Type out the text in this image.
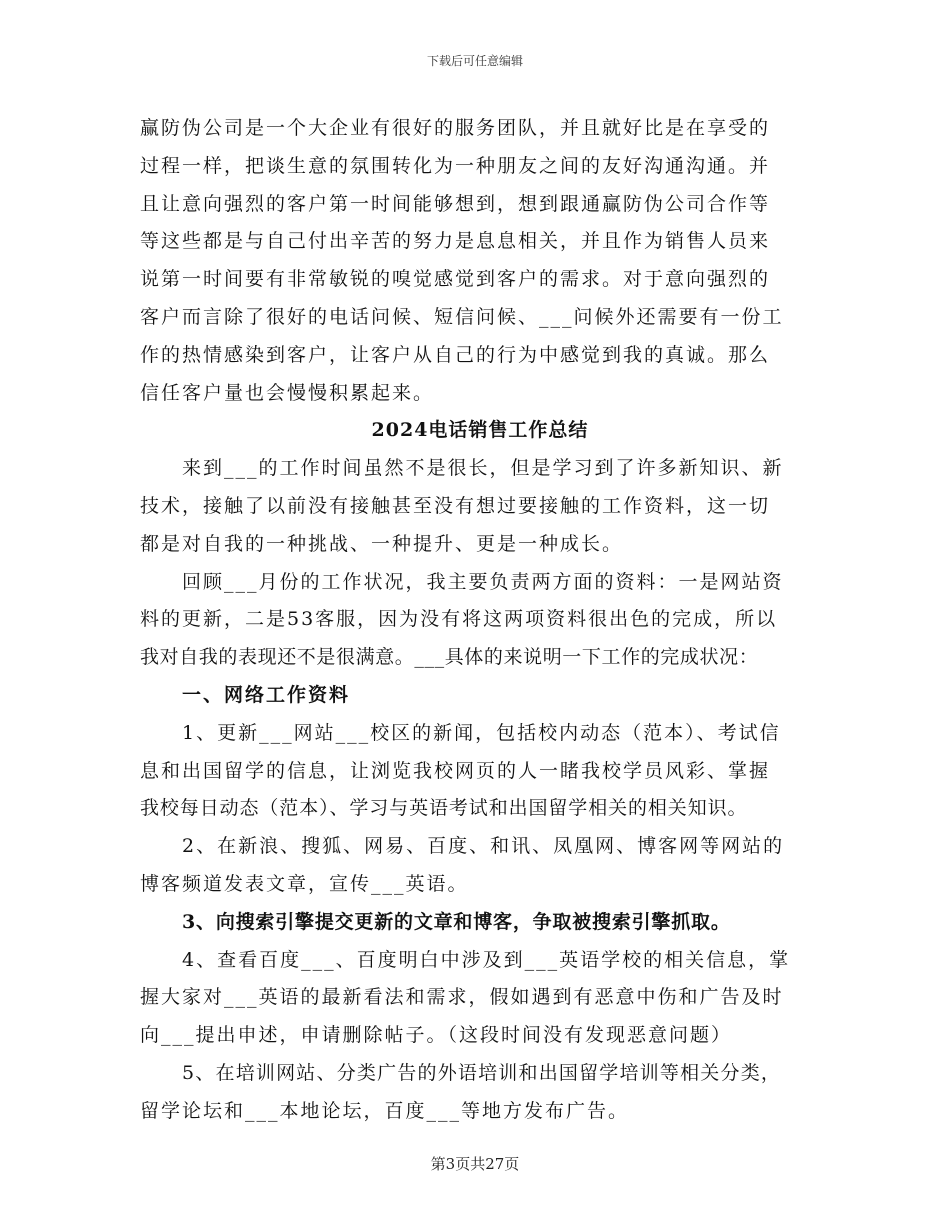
下载后可任意编辑

赢防伪公司是一个大企业有很好的服务团队，并且就好比是在享受的

过程一样，把谈生意的氛围转化为一种朋友之间的友好沟通沟通。并

且让意向强烈的客户第一时间能够想到，想到跟通赢防伪公司合作等

等这些都是与自己付出辛苦的努力是息息相关，并且作为销售人员来

说第一时间要有非常敏锐的嗅觉感觉到客户的需求。对于意向强烈的

客户而言除了很好的电话问候、短信问候、___问候外还需要有一份工

作的热情感染到客户，让客户从自己的行为中感觉到我的真诚。那么

信任客户量也会慢慢积累起来。

2024电话销售工作总结

来到___的工作时间虽然不是很长，但是学习到了许多新知识、新

技术，接触了以前没有接触甚至没有想过要接触的工作资料，这一切

都是对自我的一种挑战、一种提升、更是一种成长。

回顾___月份的工作状况，我主要负责两方面的资料：一是网站资

料的更新，二是53客服，因为没有将这两项资料很出色的完成，所以

我对自我的表现还不是很满意。___具体的来说明一下工作的完成状况：

一、网络工作资料

1、更新___网站___校区的新闻，包括校内动态（范本）、考试信

息和出国留学的信息，让浏览我校网页的人一睹我校学员风彩、掌握

我校每日动态（范本）、学习与英语考试和出国留学相关的相关知识。

2、在新浪、搜狐、网易、百度、和讯、凤凰网、博客网等网站的

博客频道发表文章，宣传___英语。

3、向搜索引擎提交更新的文章和博客，争取被搜索引擎抓取。

4、查看百度___、百度明白中涉及到___英语学校的相关信息，掌

握大家对___英语的最新看法和需求，假如遇到有恶意中伤和广告及时

向___提出申述，申请删除帖子。（这段时间没有发现恶意问题）

5、在培训网站、分类广告的外语培训和出国留学培训等相关分类，

留学论坛和___本地论坛，百度___等地方发布广告。

第3页共27页
